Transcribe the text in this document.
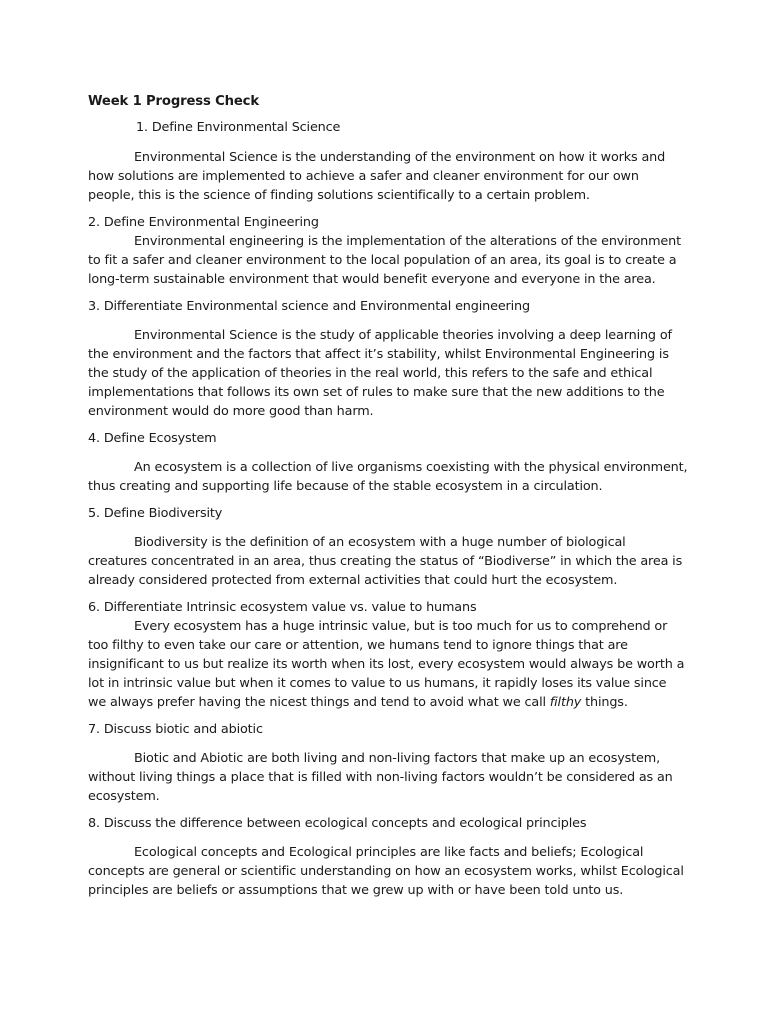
Week 1 Progress Check

1. Define Environmental Science

Environmental Science is the understanding of the environment on how it works and how solutions are implemented to achieve a safer and cleaner environment for our own people, this is the science of finding solutions scientifically to a certain problem.

2. Define Environmental Engineering

Environmental engineering is the implementation of the alterations of the environment to fit a safer and cleaner environment to the local population of an area, its goal is to create a long-term sustainable environment that would benefit everyone and everyone in the area.

3. Differentiate Environmental science and Environmental engineering

Environmental Science is the study of applicable theories involving a deep learning of the environment and the factors that affect it’s stability, whilst Environmental Engineering is the study of the application of theories in the real world, this refers to the safe and ethical implementations that follows its own set of rules to make sure that the new additions to the environment would do more good than harm.

4. Define Ecosystem

An ecosystem is a collection of live organisms coexisting with the physical environment, thus creating and supporting life because of the stable ecosystem in a circulation.

5. Define Biodiversity

Biodiversity is the definition of an ecosystem with a huge number of biological creatures concentrated in an area, thus creating the status of “Biodiverse” in which the area is already considered protected from external activities that could hurt the ecosystem.

6. Differentiate Intrinsic ecosystem value vs. value to humans

Every ecosystem has a huge intrinsic value, but is too much for us to comprehend or too filthy to even take our care or attention, we humans tend to ignore things that are insignificant to us but realize its worth when its lost, every ecosystem would always be worth a lot in intrinsic value but when it comes to value to us humans, it rapidly loses its value since we always prefer having the nicest things and tend to avoid what we call filthy things.

7. Discuss biotic and abiotic

Biotic and Abiotic are both living and non-living factors that make up an ecosystem, without living things a place that is filled with non-living factors wouldn’t be considered as an ecosystem.

8. Discuss the difference between ecological concepts and ecological principles

Ecological concepts and Ecological principles are like facts and beliefs; Ecological concepts are general or scientific understanding on how an ecosystem works, whilst Ecological principles are beliefs or assumptions that we grew up with or have been told unto us.
